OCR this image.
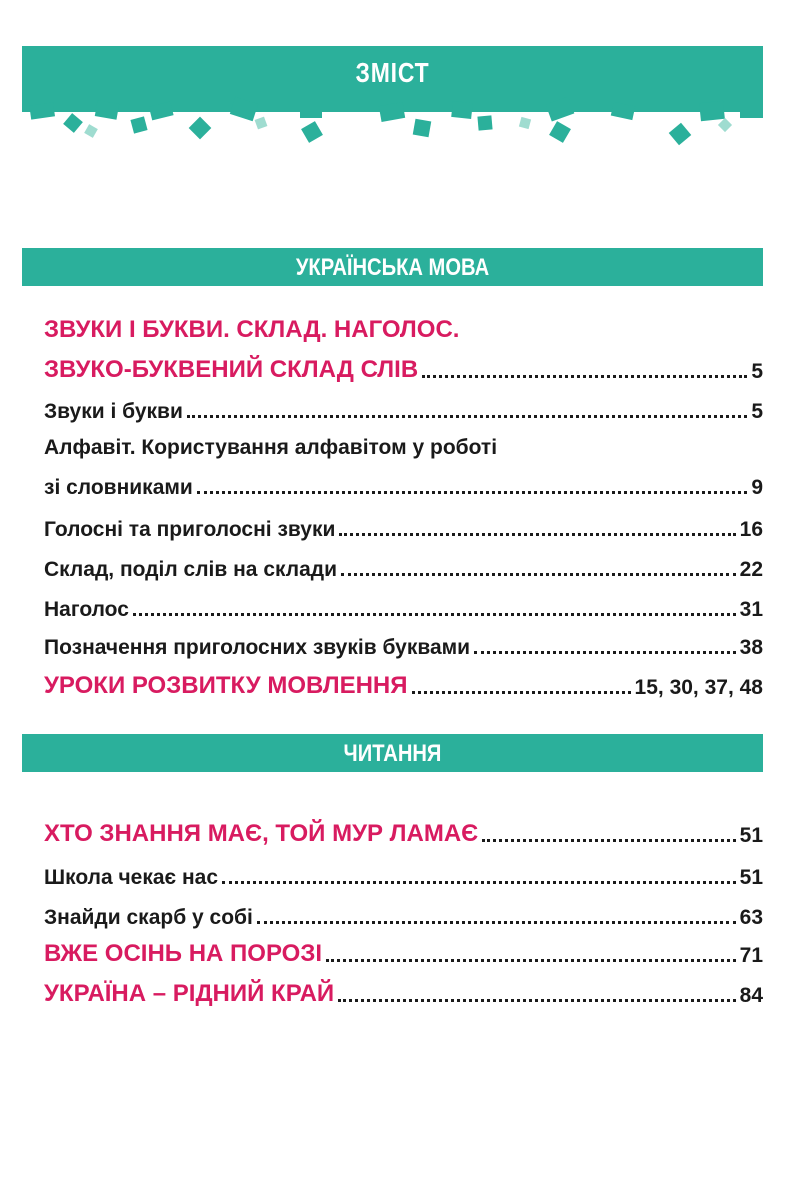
ЗМІСТ
УКРАЇНСЬКА МОВА
ЗВУКИ І БУКВИ. СКЛАД. НАГОЛОС.
ЗВУКО-БУКВЕНИЙ СКЛАД СЛІВ	5
Звуки і букви	5
Алфавіт. Користування алфавітом у роботі
зі словниками	9
Голосні та приголосні звуки	16
Склад, поділ слів на склади	22
Наголос	31
Позначення приголосних звуків буквами	38
УРОКИ РОЗВИТКУ МОВЛЕННЯ	15, 30, 37, 48
ЧИТАННЯ
ХТО ЗНАННЯ МАЄ, ТОЙ МУР ЛАМАЄ	51
Школа чекає нас	51
Знайди скарб у собі	63
ВЖЕ ОСІНЬ НА ПОРОЗІ	71
УКРАЇНА – РІДНИЙ КРАЙ	84
